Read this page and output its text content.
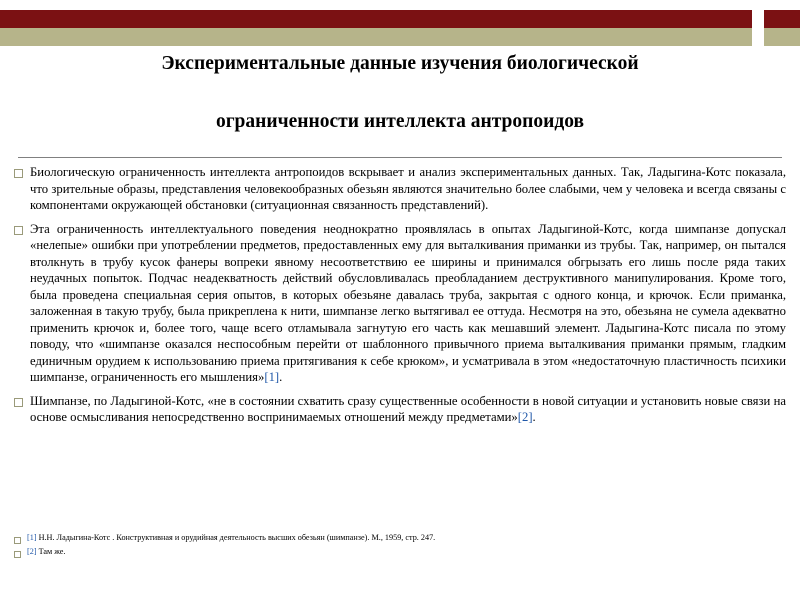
Экспериментальные данные изучения биологической
ограниченности интеллекта антропоидов
Биологическую ограниченность интеллекта антропоидов вскрывает и анализ экспериментальных данных. Так, Ладыгина-Котс показала, что зрительные образы, представления человекообразных обезьян являются значительно более слабыми, чем у человека и всегда связаны с компонентами окружающей обстановки (ситуационная связанность представлений).
Эта ограниченность интеллектуального поведения неоднократно проявлялась в опытах Ладыгиной-Котс, когда шимпанзе допускал «нелепые» ошибки при употреблении предметов, предоставленных ему для выталкивания приманки из трубы. Так, например, он пытался втолкнуть в трубу кусок фанеры вопреки явному несоответствию ее ширины и принимался обгрызать его лишь после ряда таких неудачных попыток. Подчас неадекватность действий обусловливалась преобладанием деструктивного манипулирования. Кроме того, была проведена специальная серия опытов, в которых обезьяне давалась труба, закрытая с одного конца, и крючок. Если приманка, заложенная в такую трубу, была прикреплена к нити, шимпанзе легко вытягивал ее оттуда. Несмотря на это, обезьяна не сумела адекватно применить крючок и, более того, чаще всего отламывала загнутую его часть как мешавший элемент. Ладыгина-Котс писала по этому поводу, что «шимпанзе оказался неспособным перейти от шаблонного привычного приема выталкивания приманки прямым, гладким единичным орудием к использованию приема притягивания к себе крюком», и усматривала в этом «недостаточную пластичность психики шимпанзе, ограниченность его мышления»[1].
Шимпанзе, по Ладыгиной-Котс, «не в состоянии схватить сразу существенные особенности в новой ситуации и установить новые связи на основе осмысливания непосредственно воспринимаемых отношений между предметами»[2].
[1] Н.Н. Ладыгина-Котс . Конструктивная и орудийная деятельность высших обезьян (шимпанзе). М., 1959, стр. 247.
[2] Там же.
